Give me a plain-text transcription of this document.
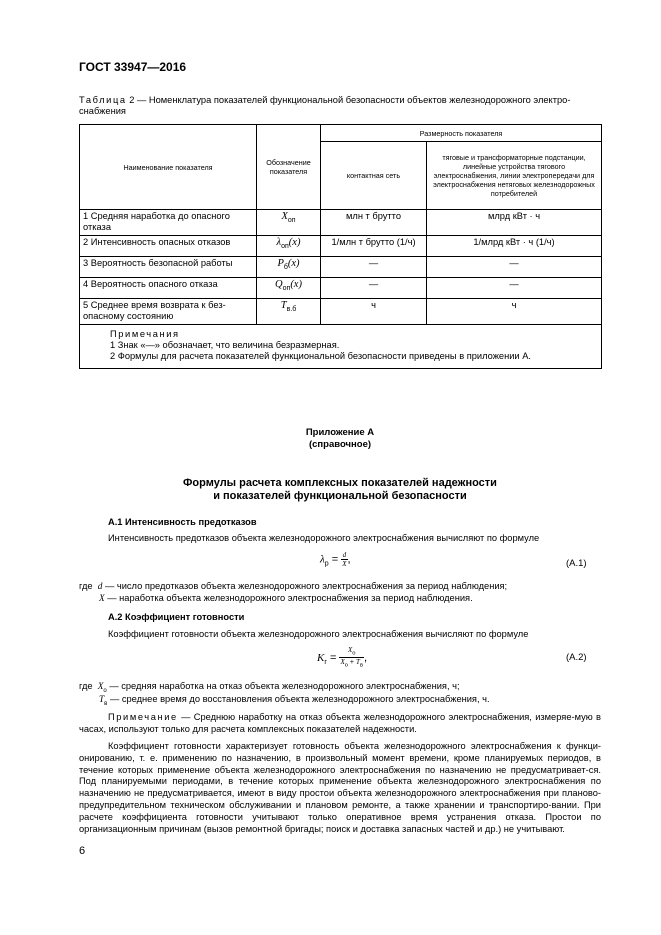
ГОСТ 33947—2016
Таблица 2 — Номенклатура показателей функциональной безопасности объектов железнодорожного электро-снабжения
Наименование показателя	Обозначение показателя	Размерность показателя	
		контактная сеть	тяговые и трансформаторные подстанции, линейные устройства тягового электроснабжения, линии электропередачи для электроснабжения нетяговых железнодорожных потребителей
1 Средняя наработка до опасного отказа	$X_{оп}$	млн т брутто	млрд кВт · ч
2 Интенсивность опасных отказов	$\lambda_{оп}(x)$	1/млн т брутто (1/ч)	1/млрд кВт · ч (1/ч)
3 Вероятность безопасной работы	$P_б(x)$	—	—
4 Вероятность опасного отказа	$Q_{оп}(x)$	—	—
5 Среднее время возврата к без-опасному состоянию	$T_{в.б}$	ч	ч

Примечания
1 Знак «—» обозначает, что величина безразмерная.
2 Формулы для расчета показателей функциональной безопасности приведены в приложении А.			
Приложение А
(справочное)
Формулы расчета комплексных показателей надежности
и показателей функциональной безопасности
А.1 Интенсивность предотказов
Интенсивность предотказов объекта железнодорожного электроснабжения вычисляют по формуле
$\lambda_p = \frac{d}{X}$ ,	(А.1)
где  d — число предотказов объекта железнодорожного электроснабжения за период наблюдения;
X — наработка объекта железнодорожного электроснабжения за период наблюдения.
А.2 Коэффициент готовности
Коэффициент готовности объекта железнодорожного электроснабжения вычисляют по формуле
$K_г = \frac{X_o}{X_o + T_в}$ ,	(А.2)
где  $X_o$ — средняя наработка на отказ объекта железнодорожного электроснабжения, ч;
$T_в$ — среднее время до восстановления объекта железнодорожного электроснабжения, ч.
Примечание — Среднюю наработку на отказ объекта железнодорожного электроснабжения, измеряе-мую в часах, используют только для расчета комплексных показателей надежности.
Коэффициент готовности характеризует готовность объекта железнодорожного электроснабжения к функци-онированию, т. е. применению по назначению, в произвольный момент времени, кроме планируемых периодов, в течение которых применение объекта железнодорожного электроснабжения по назначению не предусматривает-ся. Под планируемыми периодами, в течение которых применение объекта железнодорожного электроснабжения по назначению не предусматривается, имеют в виду простои объекта железнодорожного электроснабжения при планово-предупредительном техническом обслуживании и плановом ремонте, а также хранении и транспортиро-вании. При расчете коэффициента готовности учитывают только оперативное время устранения отказа. Простои по организационным причинам (вызов ремонтной бригады; поиск и доставка запасных частей и др.) не учитывают.
6
